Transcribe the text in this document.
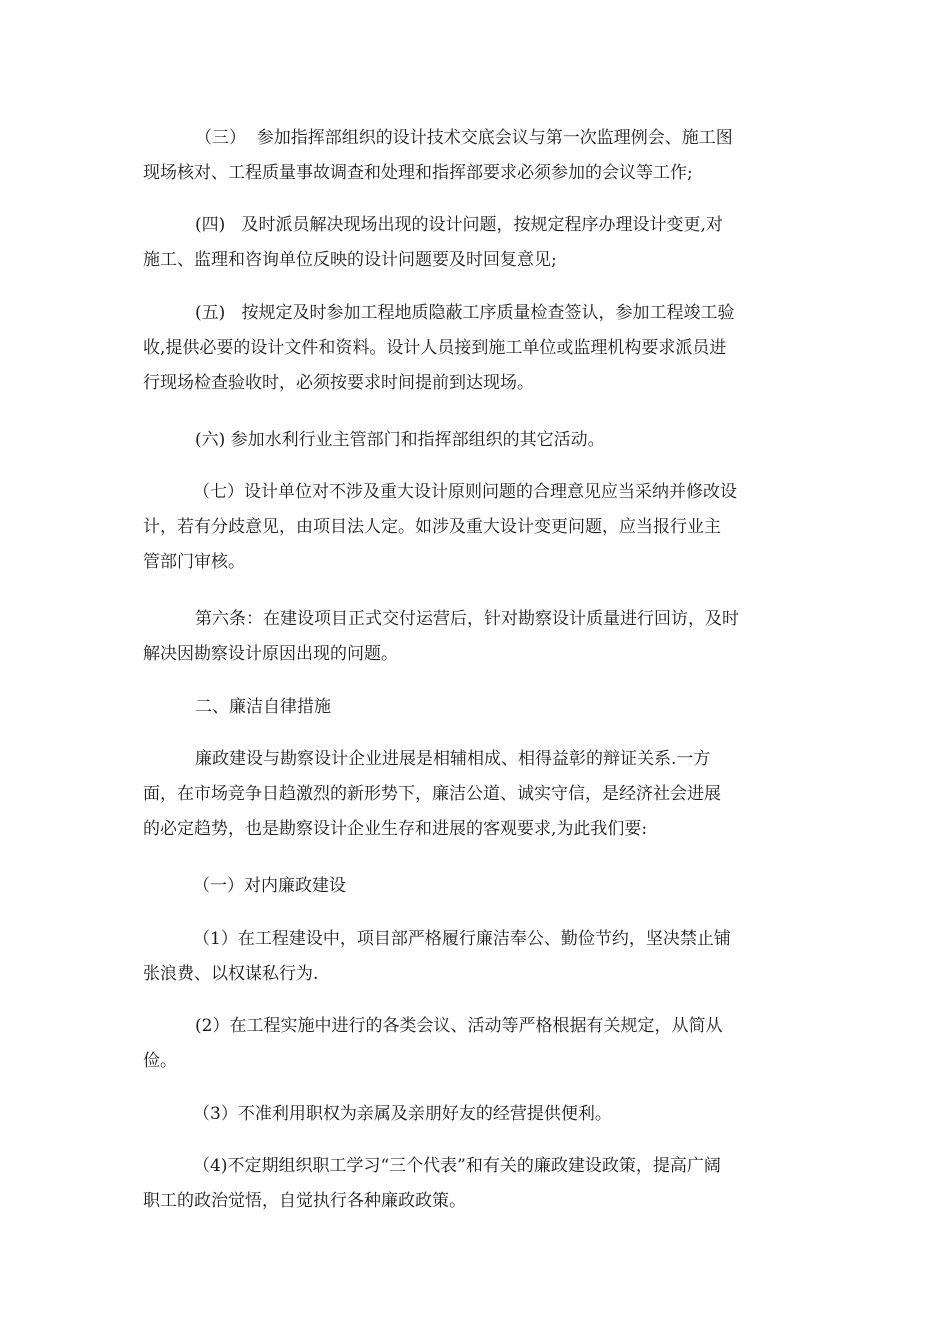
（三）  参加指挥部组织的设计技术交底会议与第一次监理例会、施工图
现场核对、工程质量事故调查和处理和指挥部要求必须参加的会议等工作;

(四)   及时派员解决现场出现的设计问题，按规定程序办理设计变更,对
施工、监理和咨询单位反映的设计问题要及时回复意见;

(五)   按规定及时参加工程地质隐蔽工序质量检查签认，参加工程竣工验
收,提供必要的设计文件和资料。设计人员接到施工单位或监理机构要求派员进
行现场检查验收时，必须按要求时间提前到达现场。

(六) 参加水利行业主管部门和指挥部组织的其它活动。

（七）设计单位对不涉及重大设计原则问题的合理意见应当采纳并修改设
计，若有分歧意见，由项目法人定。如涉及重大设计变更问题，应当报行业主
管部门审核。

第六条：在建设项目正式交付运营后，针对勘察设计质量进行回访，及时
解决因勘察设计原因出现的问题。

二、廉洁自律措施

廉政建设与勘察设计企业进展是相辅相成、相得益彰的辩证关系.一方
面，在市场竞争日趋激烈的新形势下，廉洁公道、诚实守信，是经济社会进展
的必定趋势，也是勘察设计企业生存和进展的客观要求,为此我们要:

（一）对内廉政建设

（1）在工程建设中，项目部严格履行廉洁奉公、勤俭节约，坚决禁止铺
张浪费、以权谋私行为.

(2）在工程实施中进行的各类会议、活动等严格根据有关规定，从简从
俭。

（3）不准利用职权为亲属及亲朋好友的经营提供便利。

（4)不定期组织职工学习“三个代表”和有关的廉政建设政策，提高广阔
职工的政治觉悟，自觉执行各种廉政政策。
